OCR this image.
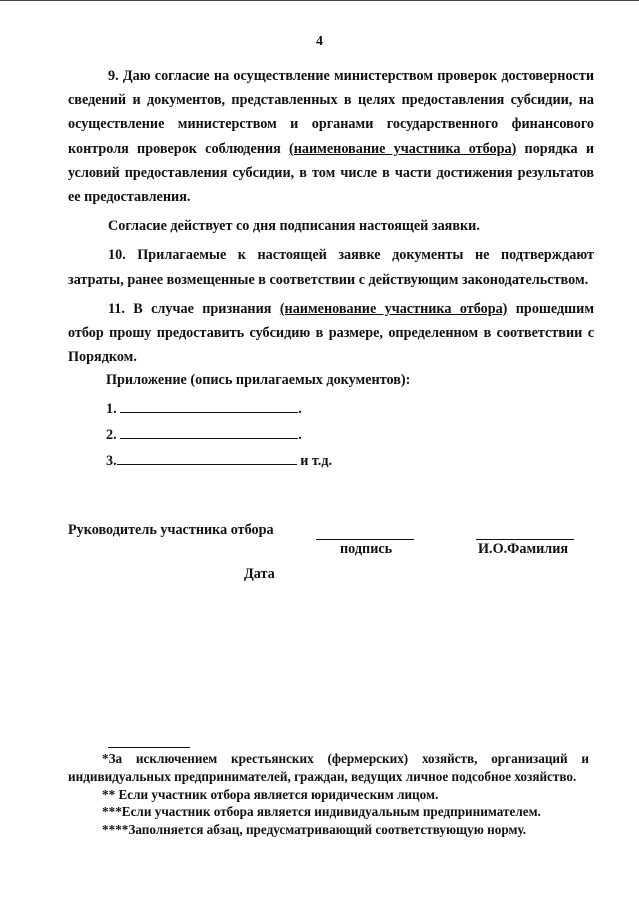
4

9. Даю согласие на осуществление министерством проверок достоверности сведений и документов, представленных в целях предоставления субсидии, на осуществление министерством и органами государственного финансового контроля проверок соблюдения (наименование участника отбора) порядка и условий предоставления субсидии, в том числе в части достижения результатов ее предоставления.

Согласие действует со дня подписания настоящей заявки.

10. Прилагаемые к настоящей заявке документы не подтверждают затраты, ранее возмещенные в соответствии с действующим законодательством.

11. В случае признания (наименование участника отбора) прошедшим отбор прошу предоставить субсидию в размере, определенном в соответствии с Порядком.

Приложение (опись прилагаемых документов):
1.	.
2.	.
3.	и т.д.
Руководитель участника отбора
подпись	И.О.Фамилия
Дата

*За исключением крестьянских (фермерских) хозяйств, организаций и индивидуальных предпринимателей, граждан, ведущих личное подсобное хозяйство.

** Если участник отбора является юридическим лицом.

***Если участник отбора является индивидуальным предпринимателем.

****Заполняется абзац, предусматривающий соответствующую норму.
